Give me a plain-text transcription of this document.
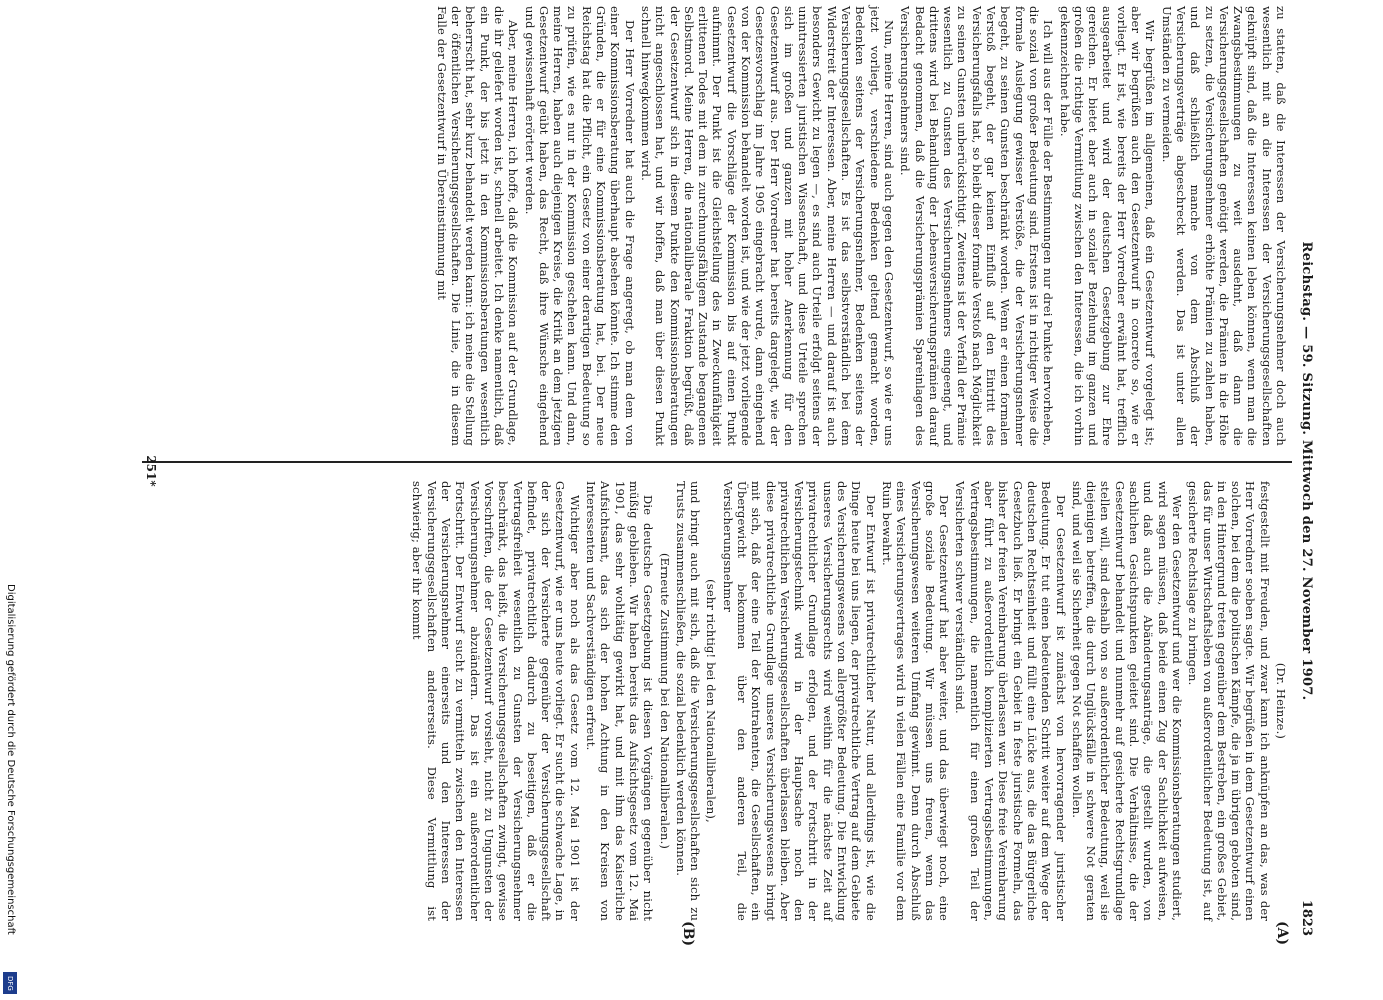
Reichstag. — 59. Sitzung. Mittwoch den 27. November 1907.
1823

zu statten, daß die Interessen der Versicherungsnehmer doch auch wesentlich mit an die Interessen der Versicherungsgesellschaften geknüpft sind, daß die Interessen keinen leben können, wenn man die Zwangsbestimmungen zu weit ausdehnt, daß dann die Versicherungsgesellschaften genötigt werden, die Prämien in die Höhe zu setzen, die Versicherungsnehmer erhöhte Prämien zu zahlen haben, und daß schließlich manche von dem Abschluß der Versicherungsverträge abgeschreckt werden. Das ist unter allen Umständen zu vermeiden.

Wir begrüßen im allgemeinen, daß ein Gesetzentwurf vorgelegt ist; aber wir begrüßen auch den Gesetzentwurf in concreto so, wie er vorliegt. Er ist, wie bereits der Herr Vorredner erwähnt hat, trefflich ausgearbeitet und wird der deutschen Gesetzgebung zur Ehre gereichen. Er bietet aber auch in sozialer Beziehung im ganzen und großen die richtige Vermittlung zwischen den Interessen, die ich vorhin gekennzeichnet habe.

Ich will aus der Fülle der Bestimmungen nur drei Punkte hervorheben, die sozial von großer Bedeutung sind. Erstens ist in richtiger Weise die formale Auslegung gewisser Verstöße, die der Versicherungsnehmer begeht, zu seinen Gunsten beschränkt worden. Wenn er einen formalen Verstoß begeht, der gar keinen Einfluß auf den Eintritt des Versicherungsfalls hat, so bleibt dieser formale Verstoß nach Möglichkeit zu seinen Gunsten unberücksichtigt. Zweitens ist der Verfall der Prämie wesentlich zu Gunsten des Versicherungsnehmers eingeengt, und drittens wird bei Behandlung der Lebensversicherungsprämien darauf Bedacht genommen, daß die Versicherungsprämien Spareinlagen des Versicherungsnehmers sind.

Nun, meine Herren, sind auch gegen den Gesetzentwurf, so wie er uns jetzt vorliegt, verschiedene Bedenken geltend gemacht worden, Bedenken seitens der Versicherungsnehmer, Bedenken seitens der Versicherungsgesellschaften. Es ist das selbstverständlich bei dem Widerstreit der Interessen. Aber, meine Herren — und darauf ist auch besonders Gewicht zu legen —, es sind auch Urteile erfolgt seitens der unintressierten juristischen Wissenschaft, und diese Urteile sprechen sich im großen und ganzen mit hoher Anerkennung für den Gesetzentwurf aus. Der Herr Vorredner hat bereits dargelegt, wie der Gesetzesvorschlag im Jahre 1905 eingebracht wurde, dann eingehend von der Kommission behandelt worden ist, und wie der jetzt vorliegende Gesetzentwurf die Vorschläge der Kommission bis auf einen Punkt aufnimmt. Der Punkt ist die Gleichstellung des in Zweckunfähigkeit erlittenen Todes mit dem in zurechnungsfähigem Zustande begangenen Selbstmord. Meine Herren, die nationalliberale Fraktion begrüßt, daß der Gesetzentwurf sich in diesem Punkte den Kommissionsberatungen nicht angeschlossen hat, und wir hoffen, daß man über diesen Punkt schnell hinwegkommen wird.

Der Herr Vorredner hat auch die Frage angeregt, ob man dem von einer Kommissionsberatung überhaupt absehen könnte. Ich stimme den Gründen, die er für eine Kommissionsberatung hat, bei. Der neue Reichstag hat die Pflicht, ein Gesetz von einer derartigen Bedeutung so zu prüfen, wie es nur in der Kommission geschehen kann. Und dann, meine Herren, haben auch diejenigen Kreise, die Kritik an dem jetzigen Gesetzentwurf geübt haben, das Recht, daß ihre Wünsche eingehend und gewissenhaft erörtert werden.

Aber, meine Herren, ich hoffe, daß die Kommission auf der Grundlage, die ihr geliefert worden ist, schnell arbeitet. Ich denke namentlich, daß ein Punkt, der bis jetzt in den Kommissionsberatungen wesentlich beherrscht hat, sehr kurz behandelt werden kann: ich meine die Stellung der öffentlichen Versicherungsgesellschaften. Die Linie, die in diesem Falle der Gesetzentwurf in Übereinstimmung mit

(Dr. Heinze.)

festgestellt mit Freuden, und zwar kann ich anknüpfen an das, was der Herr Vorredner soeben sagte. Wir begrüßen in dem Gesetzentwurf einen solchen, bei dem die politischen Kämpfe, die ja im übrigen geboten sind, in den Hintergrund treten gegenüber dem Bestreben, ein großes Gebiet, das für unser Wirtschaftsleben von außerordentlicher Bedeutung ist, auf gesicherte Rechtslage zu bringen.

Wer den Gesetzentwurf und wer die Kommissionsberatungen studiert, wird sagen müssen, daß beide einen Zug der Sachlichkeit aufweisen, und daß auch die Abänderungsanträge, die gestellt wurden, von sachlichen Gesichtspunkten geleitet sind. Die Verhältnisse, die der Gesetzentwurf behandelt und nunmehr auf gesicherte Rechtsgrundlage stellen will, sind deshalb von so außerordentlicher Bedeutung, weil sie diejenigen betreffen, die durch Unglücksfälle in schwere Not geraten sind, und weil sie Sicherheit gegen Not schaffen wollen.

Der Gesetzentwurf ist zunächst von hervorragender juristischer Bedeutung. Er tut einen bedeutenden Schritt weiter auf dem Wege der deutschen Rechtseinheit und füllt eine Lücke aus, die das Bürgerliche Gesetzbuch ließ. Er bringt ein Gebiet in feste juristische Formeln, das bisher der freien Vereinbarung überlassen war. Diese freie Vereinbarung aber führt zu außerordentlich komplizierten Vertragsbestimmungen, Vertragsbestimmungen, die namentlich für einen großen Teil der Versicherten schwer verständlich sind.

Der Gesetzentwurf hat aber weiter, und das überwiegt noch, eine große soziale Bedeutung. Wir müssen uns freuen, wenn das Versicherungswesen weiteren Umfang gewinnt. Denn durch Abschluß eines Versicherungsvertrages wird in vielen Fällen eine Familie vor dem Ruin bewahrt.

Der Entwurf ist privatrechtlicher Natur, und allerdings ist, wie die Dinge heute bei uns liegen, der privatrechtliche Vertrag auf dem Gebiete des Versicherungswesens von allergrößter Bedeutung. Die Entwicklung unseres Versicherungsrechts wird weithin für die nächste Zeit auf privatrechtlicher Grundlage erfolgen, und der Fortschritt in der Versicherungstechnik wird in der Hauptsache noch den privatrechtlichen Versicherungsgesellschaften überlassen bleiben. Aber diese privatrechtliche Grundlage unseres Versicherungswesens bringt mit sich, daß der eine Teil der Kontrahenten, die Gesellschaften, ein Übergewicht bekommen über den anderen Teil, die Versicherungsnehmer

(sehr richtig! bei den Nationalliberalen),

und bringt auch mit sich, daß die Versicherungsgesellschaften sich zu Trusts zusammenschließen, die sozial bedenklich werden können.

(Erneute Zustimmung bei den Nationalliberalen.)

Die deutsche Gesetzgebung ist diesen Vorgängen gegenüber nicht müßig geblieben. Wir haben bereits das Aufsichtsgesetz vom 12. Mai 1901, das sehr wohltätig gewirkt hat, und mit ihm das Kaiserliche Aufsichtsamt, das sich der hohen Achtung in den Kreisen von Interessenten und Sachverständigen erfreut.

Wichtiger aber noch als das Gesetz vom 12. Mai 1901 ist der Gesetzentwurf, wie er uns heute vorliegt. Er sucht die schwache Lage, in der sich der Versicherte gegenüber der Versicherungsgesellschaft befindet, privatrechtlich dadurch zu beseitigen, daß er die Vertragsfreiheit wesentlich zu Gunsten der Versicherungsnehmer beschränkt, das heißt, die Versicherungsgesellschaften zwingt, gewisse Vorschriften, die der Gesetzentwurf vorsieht, nicht zu Ungunsten der Versicherungsnehmer abzuändern. Das ist ein außerordentlicher Fortschritt. Der Entwurf sucht zu vermitteln zwischen den Interessen der Versicherungsnehmer einerseits und den Interessen der Versicherungsgesellschaften andererseits. Diese Vermittlung ist schwierig; aber ihr kommt

(A)
(B)
251*
Digitalisierung gefördert durch die Deutsche Forschungsgemeinschaft
DFG
